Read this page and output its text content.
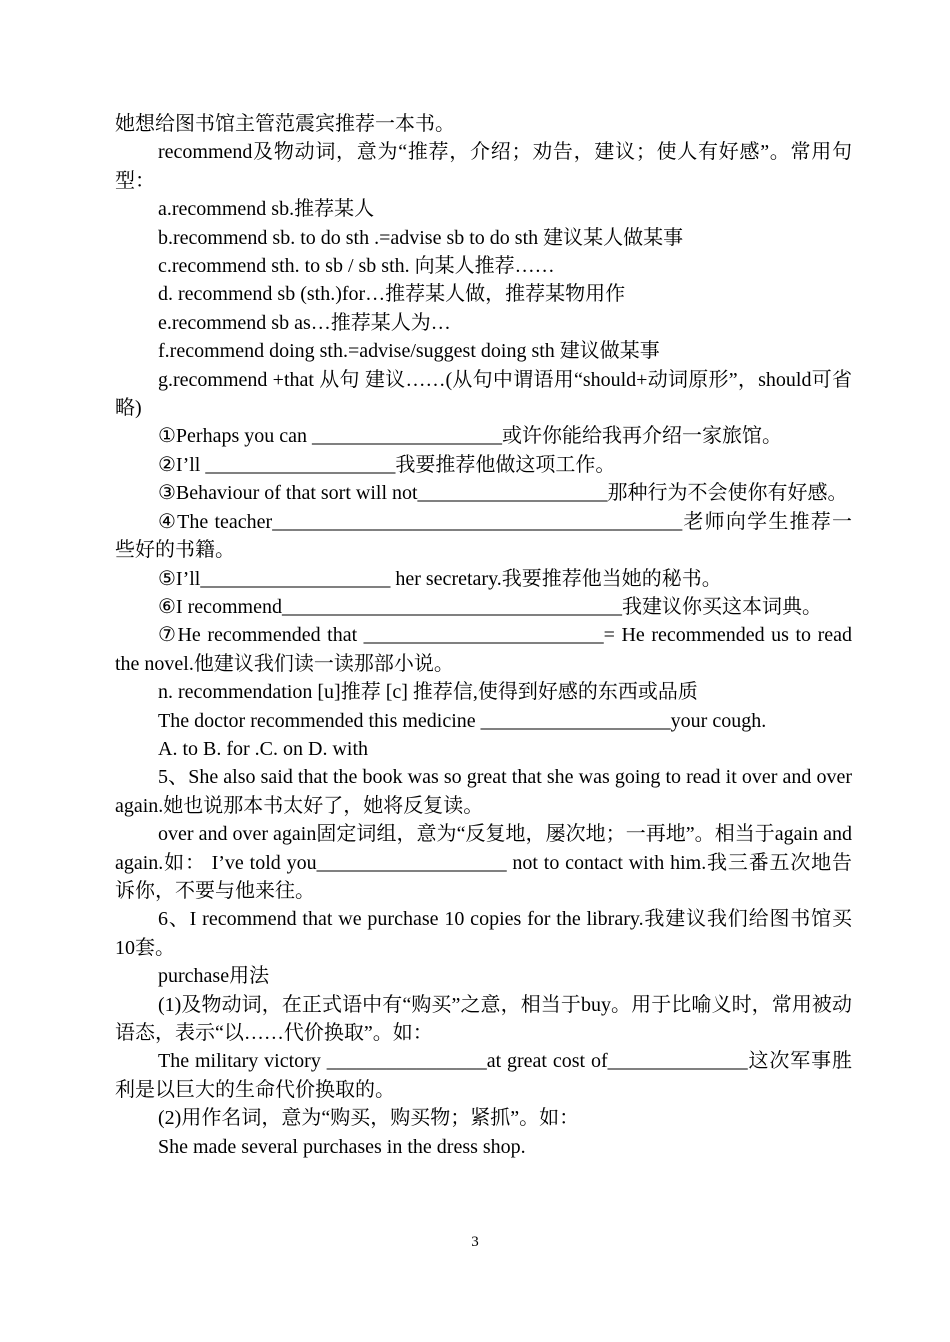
她想给图书馆主管范震宾推荐一本书。

recommend及物动词，意为“推荐，介绍；劝告，建议；使人有好感”。常用句型：

a.recommend sb.推荐某人

b.recommend sb. to do sth .=advise sb to do sth 建议某人做某事

c.recommend sth. to sb / sb sth. 向某人推荐……

d. recommend sb (sth.)for…推荐某人做，推荐某物用作

e.recommend sb as…推荐某人为…

f.recommend doing sth.=advise/suggest doing sth 建议做某事

g.recommend +that 从句 建议……(从句中谓语用“should+动词原形”，should可省略)

①Perhaps you can ___________________或许你能给我再介绍一家旅馆。

②I’ll ___________________我要推荐他做这项工作。

③Behaviour of that sort will not___________________那种行为不会使你有好感。

④The teacher_________________________________________老师向学生推荐一些好的书籍。

⑤I’ll___________________ her secretary.我要推荐他当她的秘书。

⑥I recommend__________________________________我建议你买这本词典。

⑦He recommended that ________________________= He recommended us to read the novel.他建议我们读一读那部小说。

n. recommendation [u]推荐 [c] 推荐信,使得到好感的东西或品质

The doctor recommended this medicine ___________________your cough.

A. to B. for .C. on D. with

5、She also said that the book was so great that she was going to read it over and over again.她也说那本书太好了，她将反复读。

over and over again固定词组，意为“反复地，屡次地；一再地”。相当于again and again.如： I’ve told you___________________ not to contact with him.我三番五次地告诉你，不要与他来往。

6、I recommend that we purchase 10 copies for the library.我建议我们给图书馆买10套。

purchase用法

(1)及物动词，在正式语中有“购买”之意，相当于buy。用于比喻义时，常用被动语态，表示“以……代价换取”。如：

The military victory ________________at great cost of______________这次军事胜利是以巨大的生命代价换取的。

(2)用作名词，意为“购买，购买物；紧抓”。如：

She made several purchases in the dress shop.

3
